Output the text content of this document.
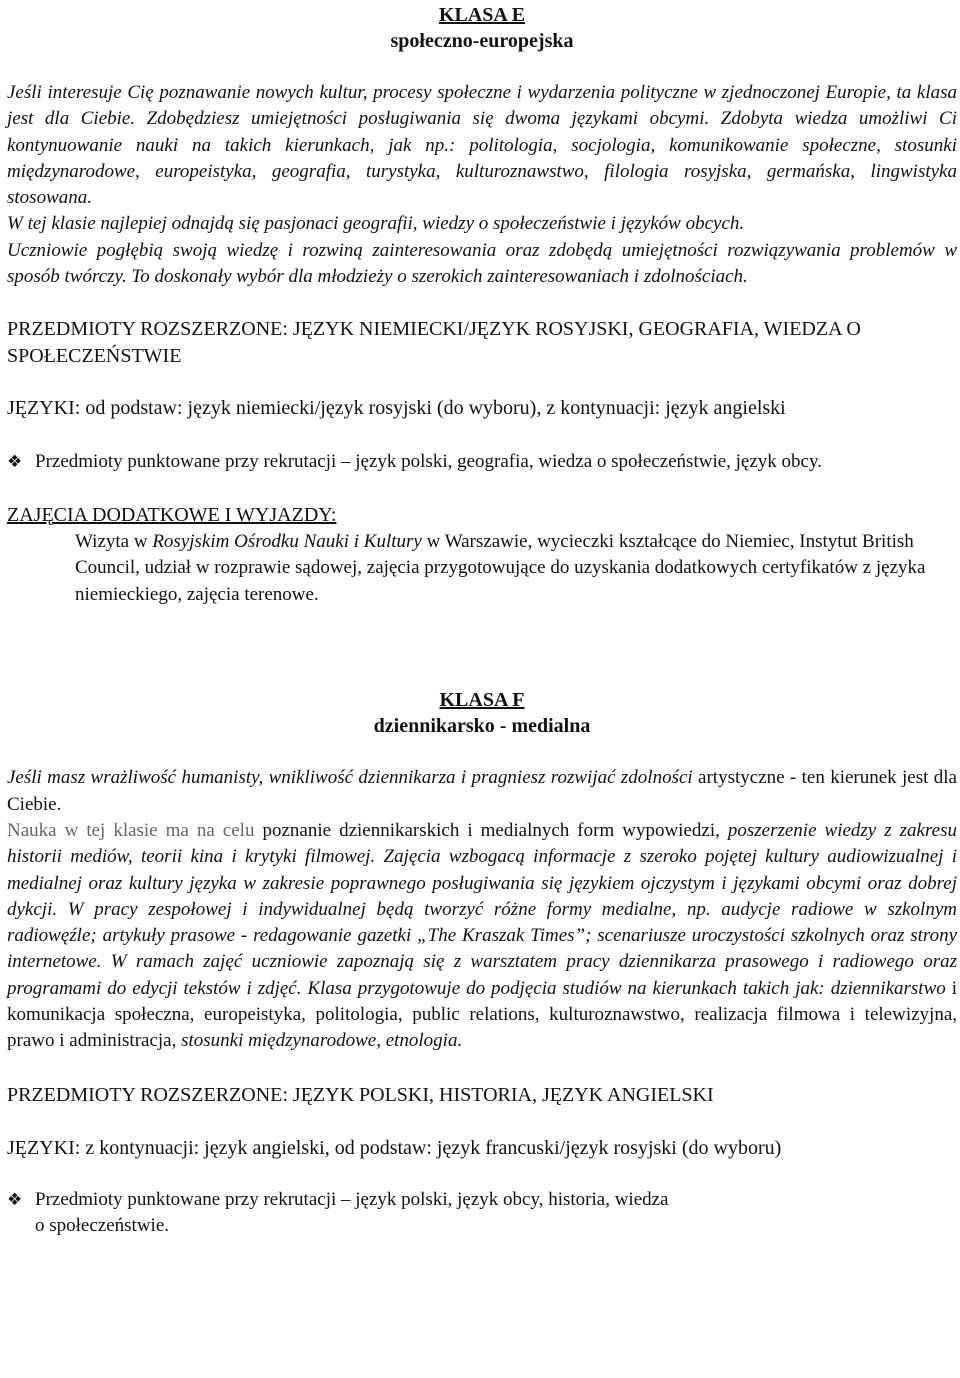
KLASA E
społeczno-europejska

Jeśli interesuje Cię poznawanie nowych kultur, procesy społeczne i wydarzenia polityczne w zjednoczonej Europie, ta klasa jest dla Ciebie. Zdobędziesz umiejętności posługiwania się dwoma językami obcymi. Zdobyta wiedza umożliwi Ci kontynuowanie nauki na takich kierunkach, jak np.: politologia, socjologia, komunikowanie społeczne, stosunki międzynarodowe, europeistyka, geografia, turystyka, kulturoznawstwo, filologia rosyjska, germańska, lingwistyka stosowana.

W tej klasie najlepiej odnajdą się pasjonaci geografii, wiedzy o społeczeństwie i języków obcych.

Uczniowie pogłębią swoją wiedzę i rozwiną zainteresowania oraz zdobędą umiejętności rozwiązywania problemów w sposób twórczy. To doskonały wybór dla młodzieży o szerokich zainteresowaniach i zdolnościach.

PRZEDMIOTY ROZSZERZONE: JĘZYK NIEMIECKI/JĘZYK ROSYJSKI, GEOGRAFIA, WIEDZA O SPOŁECZEŃSTWIE

JĘZYKI: od podstaw: język niemiecki/język rosyjski (do wyboru), z kontynuacji: język angielski

❖ Przedmioty punktowane przy rekrutacji – język polski, geografia, wiedza o społeczeństwie, język obcy.

ZAJĘCIA DODATKOWE I WYJAZDY:

Wizyta w Rosyjskim Ośrodku Nauki i Kultury w Warszawie, wycieczki kształcące do Niemiec, Instytut British Council, udział w rozprawie sądowej, zajęcia przygotowujące do uzyskania dodatkowych certyfikatów z języka niemieckiego, zajęcia terenowe.

KLASA F
dziennikarsko - medialna

Jeśli masz wrażliwość humanisty, wnikliwość dziennikarza i pragniesz rozwijać zdolności artystyczne - ten kierunek jest dla Ciebie.

Nauka w tej klasie ma na celu poznanie dziennikarskich i medialnych form wypowiedzi, poszerzenie wiedzy z zakresu historii mediów, teorii kina i krytyki filmowej. Zajęcia wzbogacą informacje z szeroko pojętej kultury audiowizualnej i medialnej oraz kultury języka w zakresie poprawnego posługiwania się językiem ojczystym i językami obcymi oraz dobrej dykcji. W pracy zespołowej i indywidualnej będą tworzyć różne formy medialne, np. audycje radiowe w szkolnym radiowęźle; artykuły prasowe - redagowanie gazetki „The Kraszak Times”; scenariusze uroczystości szkolnych oraz strony internetowe. W ramach zajęć uczniowie zapoznają się z warsztatem pracy dziennikarza prasowego i radiowego oraz programami do edycji tekstów i zdjęć. Klasa przygotowuje do podjęcia studiów na kierunkach takich jak: dziennikarstwo i komunikacja społeczna, europeistyka, politologia, public relations, kulturoznawstwo, realizacja filmowa i telewizyjna, prawo i administracja, stosunki międzynarodowe, etnologia.

PRZEDMIOTY ROZSZERZONE: JĘZYK POLSKI, HISTORIA, JĘZYK ANGIELSKI

JĘZYKI: z kontynuacji: język angielski, od podstaw: język francuski/język rosyjski (do wyboru)

❖ Przedmioty punktowane przy rekrutacji – język polski, język obcy, historia, wiedza
o społeczeństwie.
